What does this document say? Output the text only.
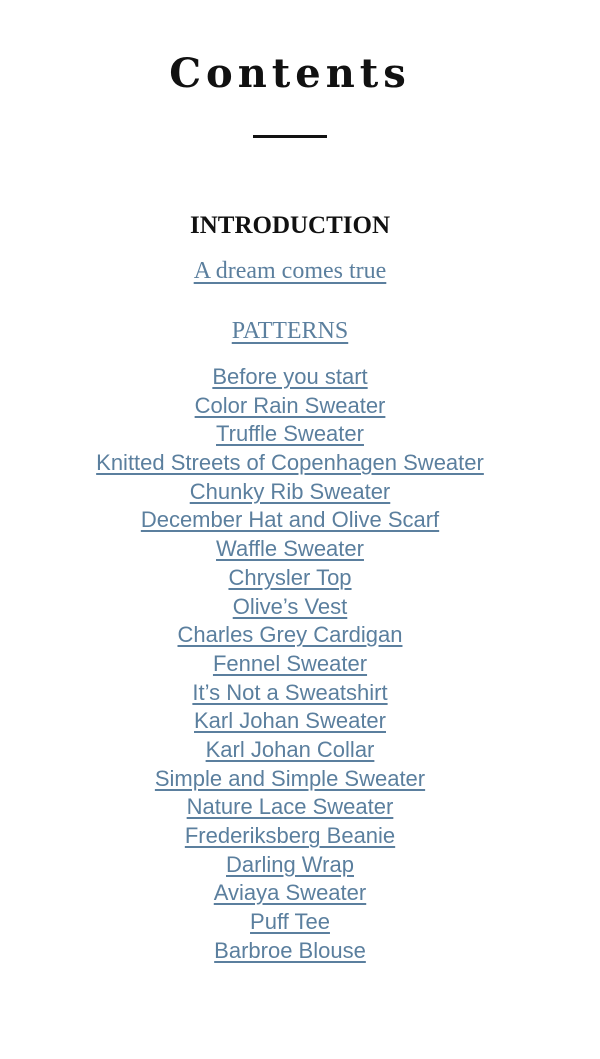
Contents
INTRODUCTION
A dream comes true
PATTERNS
Before you start
Color Rain Sweater
Truffle Sweater
Knitted Streets of Copenhagen Sweater
Chunky Rib Sweater
December Hat and Olive Scarf
Waffle Sweater
Chrysler Top
Olive’s Vest
Charles Grey Cardigan
Fennel Sweater
It’s Not a Sweatshirt
Karl Johan Sweater
Karl Johan Collar
Simple and Simple Sweater
Nature Lace Sweater
Frederiksberg Beanie
Darling Wrap
Aviaya Sweater
Puff Tee
Barbroe Blouse
